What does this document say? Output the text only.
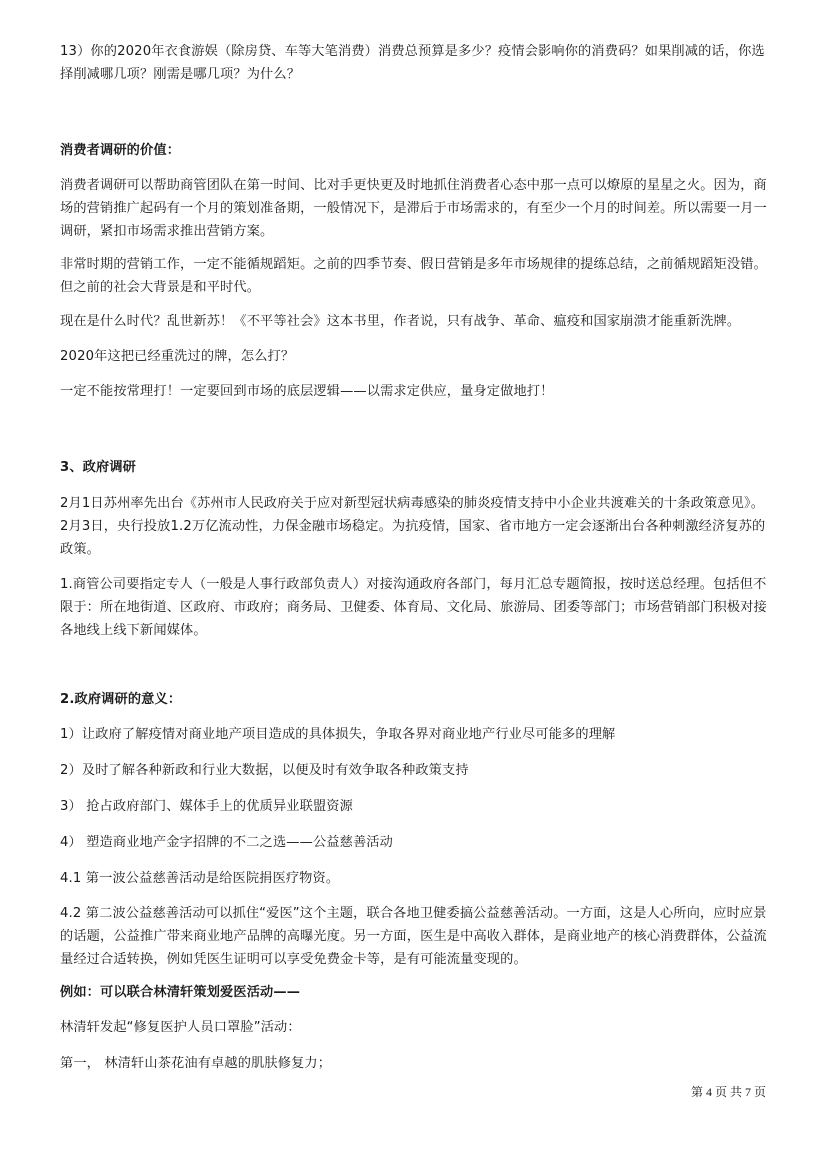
13）你的2020年衣食游娱（除房贷、车等大笔消费）消费总预算是多少？疫情会影响你的消费码？如果削减的话，你选择削减哪几项？刚需是哪几项？为什么？

消费者调研的价值：

消费者调研可以帮助商管团队在第一时间、比对手更快更及时地抓住消费者心态中那一点可以燎原的星星之火。因为，商场的营销推广起码有一个月的策划准备期，一般情况下，是滞后于市场需求的，有至少一个月的时间差。所以需要一月一调研，紧扣市场需求推出营销方案。

非常时期的营销工作，一定不能循规蹈矩。之前的四季节奏、假日营销是多年市场规律的提练总结，之前循规蹈矩没错。但之前的社会大背景是和平时代。

现在是什么时代？乱世新苏！《不平等社会》这本书里，作者说，只有战争、革命、瘟疫和国家崩溃才能重新洗牌。

2020年这把已经重洗过的牌，怎么打？

一定不能按常理打！一定要回到市场的底层逻辑——以需求定供应，量身定做地打！

3、政府调研

2月1日苏州率先出台《苏州市人民政府关于应对新型冠状病毒感染的肺炎疫情支持中小企业共渡难关的十条政策意见》。2月3日，央行投放1.2万亿流动性，力保金融市场稳定。为抗疫情，国家、省市地方一定会逐渐出台各种刺激经济复苏的政策。

1.商管公司要指定专人（一般是人事行政部负责人）对接沟通政府各部门，每月汇总专题简报，按时送总经理。包括但不限于：所在地街道、区政府、市政府；商务局、卫健委、体育局、文化局、旅游局、团委等部门；市场营销部门积极对接各地线上线下新闻媒体。

2.政府调研的意义：

1）让政府了解疫情对商业地产项目造成的具体损失，争取各界对商业地产行业尽可能多的理解

2）及时了解各种新政和行业大数据，以便及时有效争取各种政策支持

3） 抢占政府部门、媒体手上的优质异业联盟资源

4） 塑造商业地产金字招牌的不二之选——公益慈善活动

4.1 第一波公益慈善活动是给医院捐医疗物资。

4.2 第二波公益慈善活动可以抓住“爱医”这个主题，联合各地卫健委搞公益慈善活动。一方面，这是人心所向，应时应景的话题，公益推广带来商业地产品牌的高曝光度。另一方面，医生是中高收入群体，是商业地产的核心消费群体，公益流量经过合适转换，例如凭医生证明可以享受免费金卡等，是有可能流量变现的。

例如：可以联合林清轩策划爱医活动——

林清轩发起“修复医护人员口罩脸”活动：

第一， 林清轩山茶花油有卓越的肌肤修复力；

第 4 页 共 7 页
